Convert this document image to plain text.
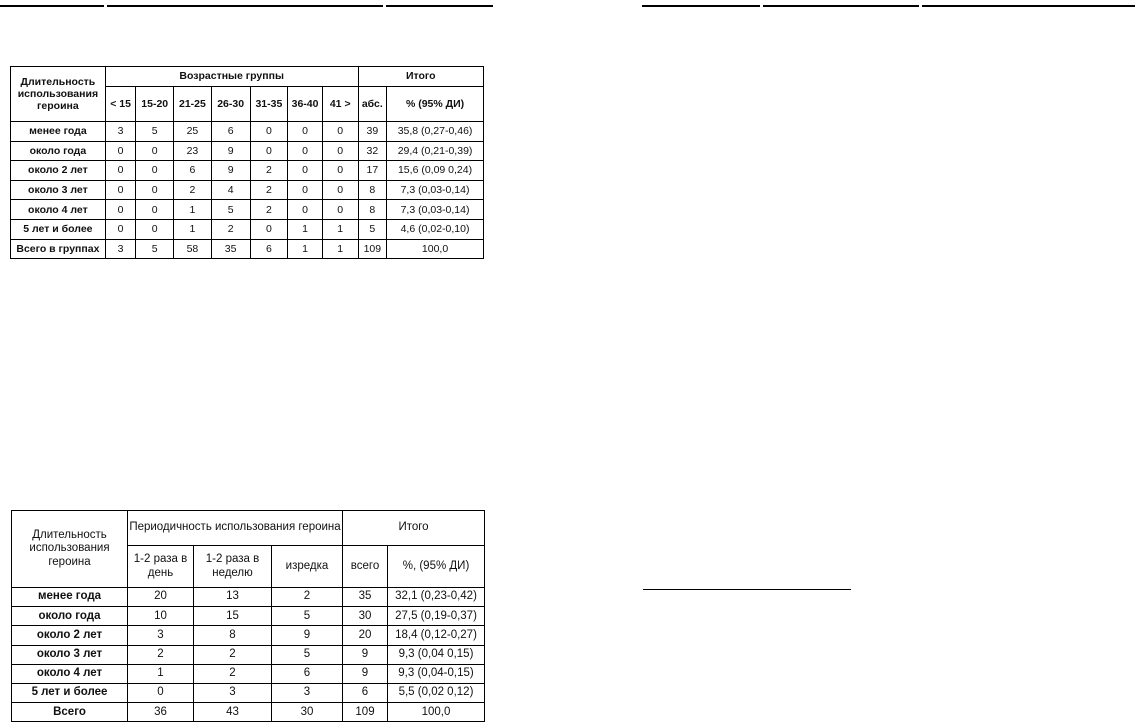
Длительность использования героина	Возрастные группы							Итого	
	< 15	15-20	21-25	26-30	31-35	36-40	41 >	абс.	% (95% ДИ)
менее года	3	5	25	6	0	0	0	39	35,8 (0,27-0,46)
около года	0	0	23	9	0	0	0	32	29,4 (0,21-0,39)
около 2 лет	0	0	6	9	2	0	0	17	15,6 (0,09 0,24)
около 3 лет	0	0	2	4	2	0	0	8	7,3 (0,03-0,14)
около 4 лет	0	0	1	5	2	0	0	8	7,3 (0,03-0,14)
5 лет и более	0	0	1	2	0	1	1	5	4,6 (0,02-0,10)
Всего в группах	3	5	58	35	6	1	1	109	100,0
Длительность использования героина	Периодичность использования героина			Итого	
	1-2 раза в день	1-2 раза в неделю	изредка	всего	%, (95% ДИ)
менее года	20	13	2	35	32,1 (0,23-0,42)
около года	10	15	5	30	27,5 (0,19-0,37)
около 2 лет	3	8	9	20	18,4 (0,12-0,27)
около 3 лет	2	2	5	9	9,3 (0,04 0,15)
около 4 лет	1	2	6	9	9,3 (0,04-0,15)
5 лет и более	0	3	3	6	5,5 (0,02 0,12)
Всего	36	43	30	109	100,0
